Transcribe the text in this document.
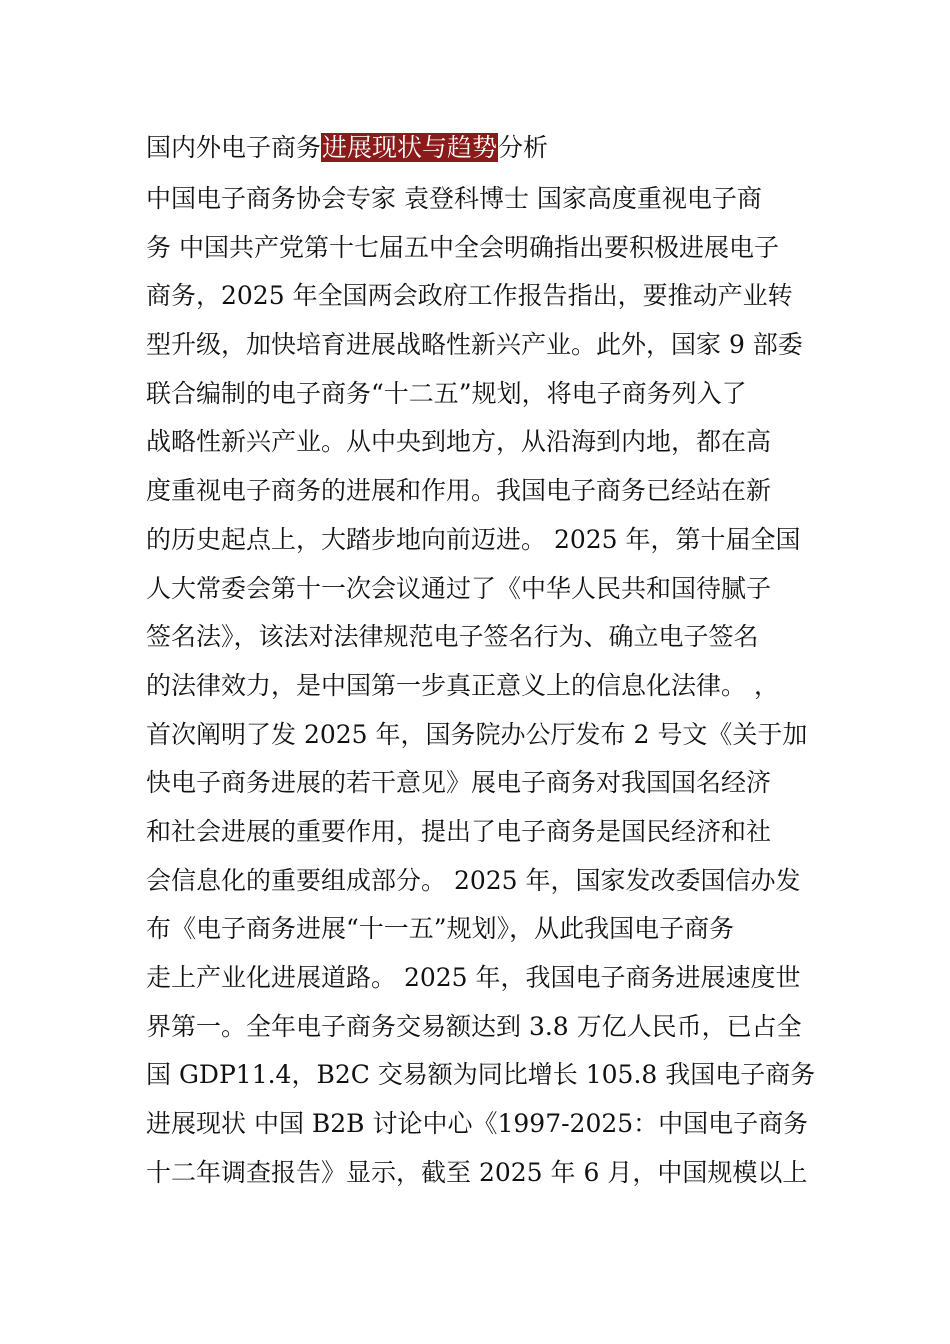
国内外电子商务进展现状与趋势分析
中国电子商务协会专家 袁登科博士 国家高度重视电子商
务 中国共产党第十七届五中全会明确指出要积极进展电子
商务，2025 年全国两会政府工作报告指出，要推动产业转
型升级，加快培育进展战略性新兴产业。此外，国家 9 部委
联合编制的电子商务“十二五”规划，将电子商务列入了
战略性新兴产业。从中央到地方，从沿海到内地，都在高
度重视电子商务的进展和作用。我国电子商务已经站在新
的历史起点上，大踏步地向前迈进。 2025 年，第十届全国
人大常委会第十一次会议通过了《中华人民共和国待腻子
签名法》，该法对法律规范电子签名行为、确立电子签名
的法律效力，是中国第一步真正意义上的信息化法律。 ，
首次阐明了发 2025 年，国务院办公厅发布 2 号文《关于加
快电子商务进展的若干意见》展电子商务对我国国名经济
和社会进展的重要作用，提出了电子商务是国民经济和社
会信息化的重要组成部分。 2025 年，国家发改委国信办发
布《电子商务进展“十一五”规划》，从此我国电子商务
走上产业化进展道路。 2025 年，我国电子商务进展速度世
界第一。全年电子商务交易额达到 3.8 万亿人民币，已占全
国 GDP11.4，B2C 交易额为同比增长 105.8 我国电子商务
进展现状 中国 B2B 讨论中心《1997-2025：中国电子商务
十二年调查报告》显示，截至 2025 年 6 月，中国规模以上
